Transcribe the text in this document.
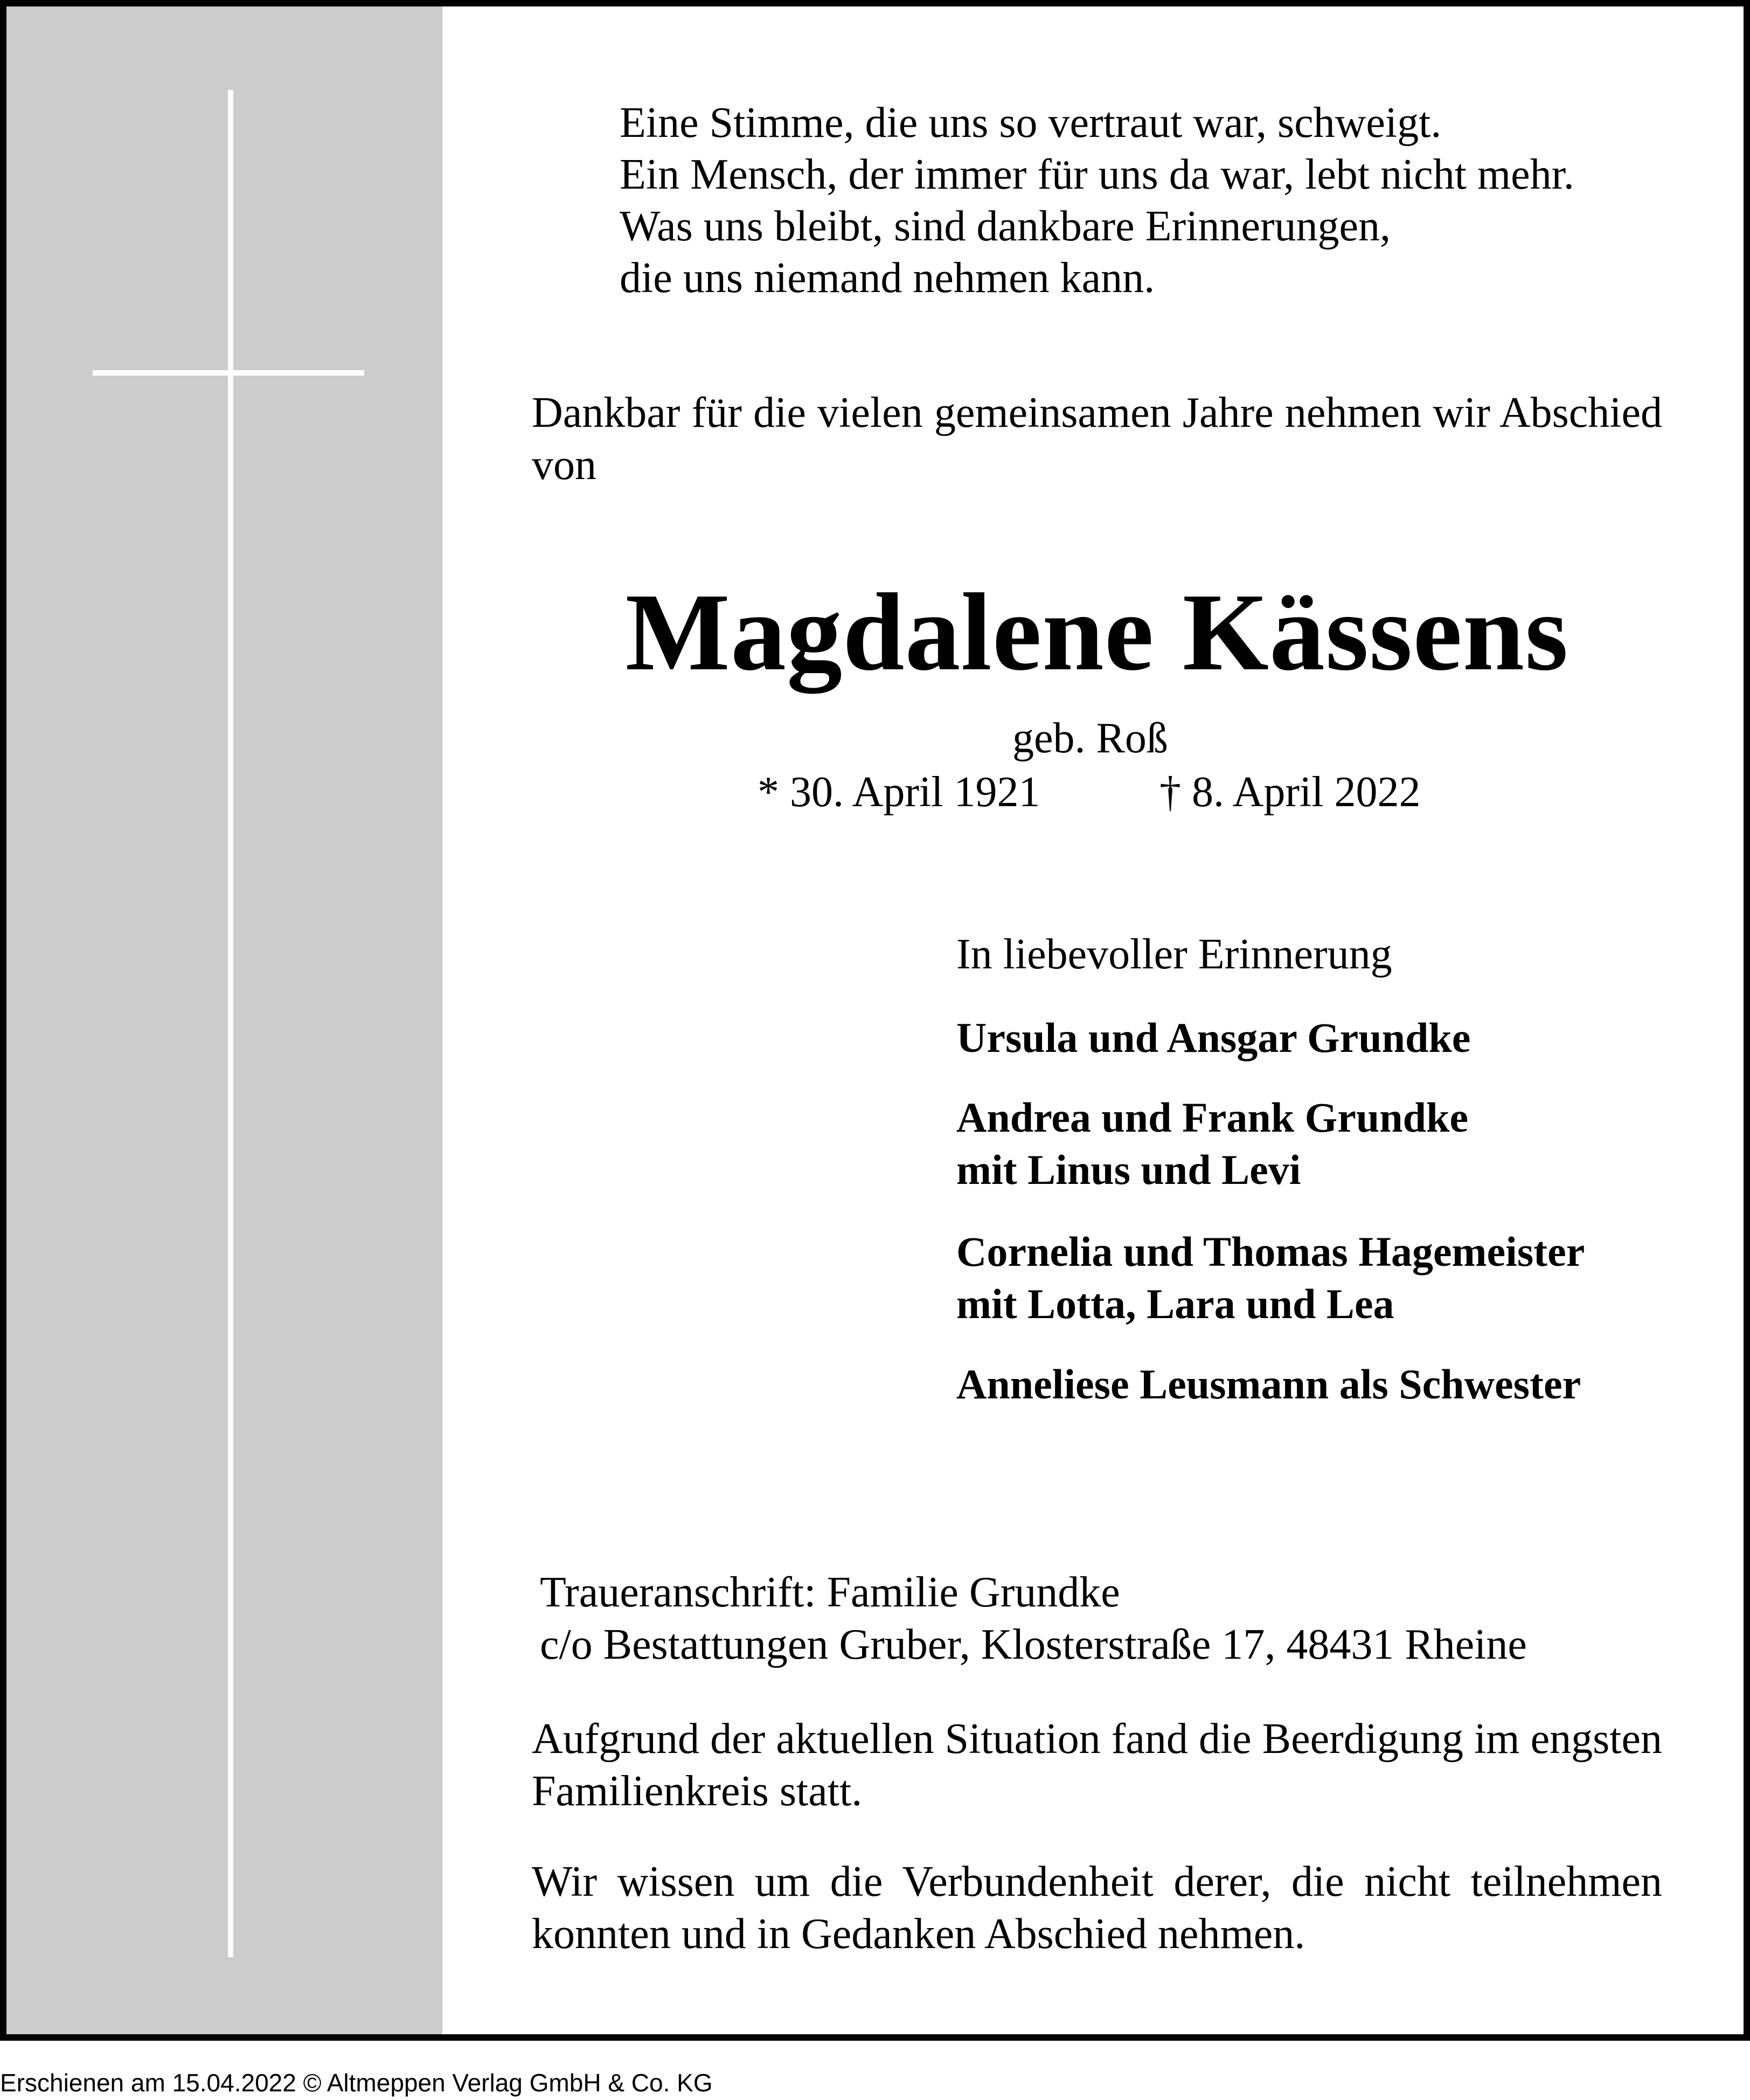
Eine Stimme, die uns so vertraut war, schweigt.
Ein Mensch, der immer für uns da war, lebt nicht mehr.
Was uns bleibt, sind dankbare Erinnerungen,
die uns niemand nehmen kann.

Dankbar für die vielen gemeinsamen Jahre nehmen wir Abschied von

Magdalene Kässens
geb. Roß
* 30. April 1921	† 8. April 2022
In liebevoller Erinnerung
Ursula und Ansgar Grundke
Andrea und Frank Grundke
mit Linus und Levi
Cornelia und Thomas Hagemeister
mit Lotta, Lara und Lea
Anneliese Leusmann als Schwester
Traueranschrift: Familie Grundke
c/o Bestattungen Gruber, Klosterstraße 17, 48431 Rheine

Aufgrund der aktuellen Situation fand die Beerdigung im engsten Familienkreis statt.

Wir wissen um die Verbundenheit derer, die nicht teilnehmen konnten und in Gedanken Abschied nehmen.

Erschienen am 15.04.2022 © Altmeppen Verlag GmbH & Co. KG
